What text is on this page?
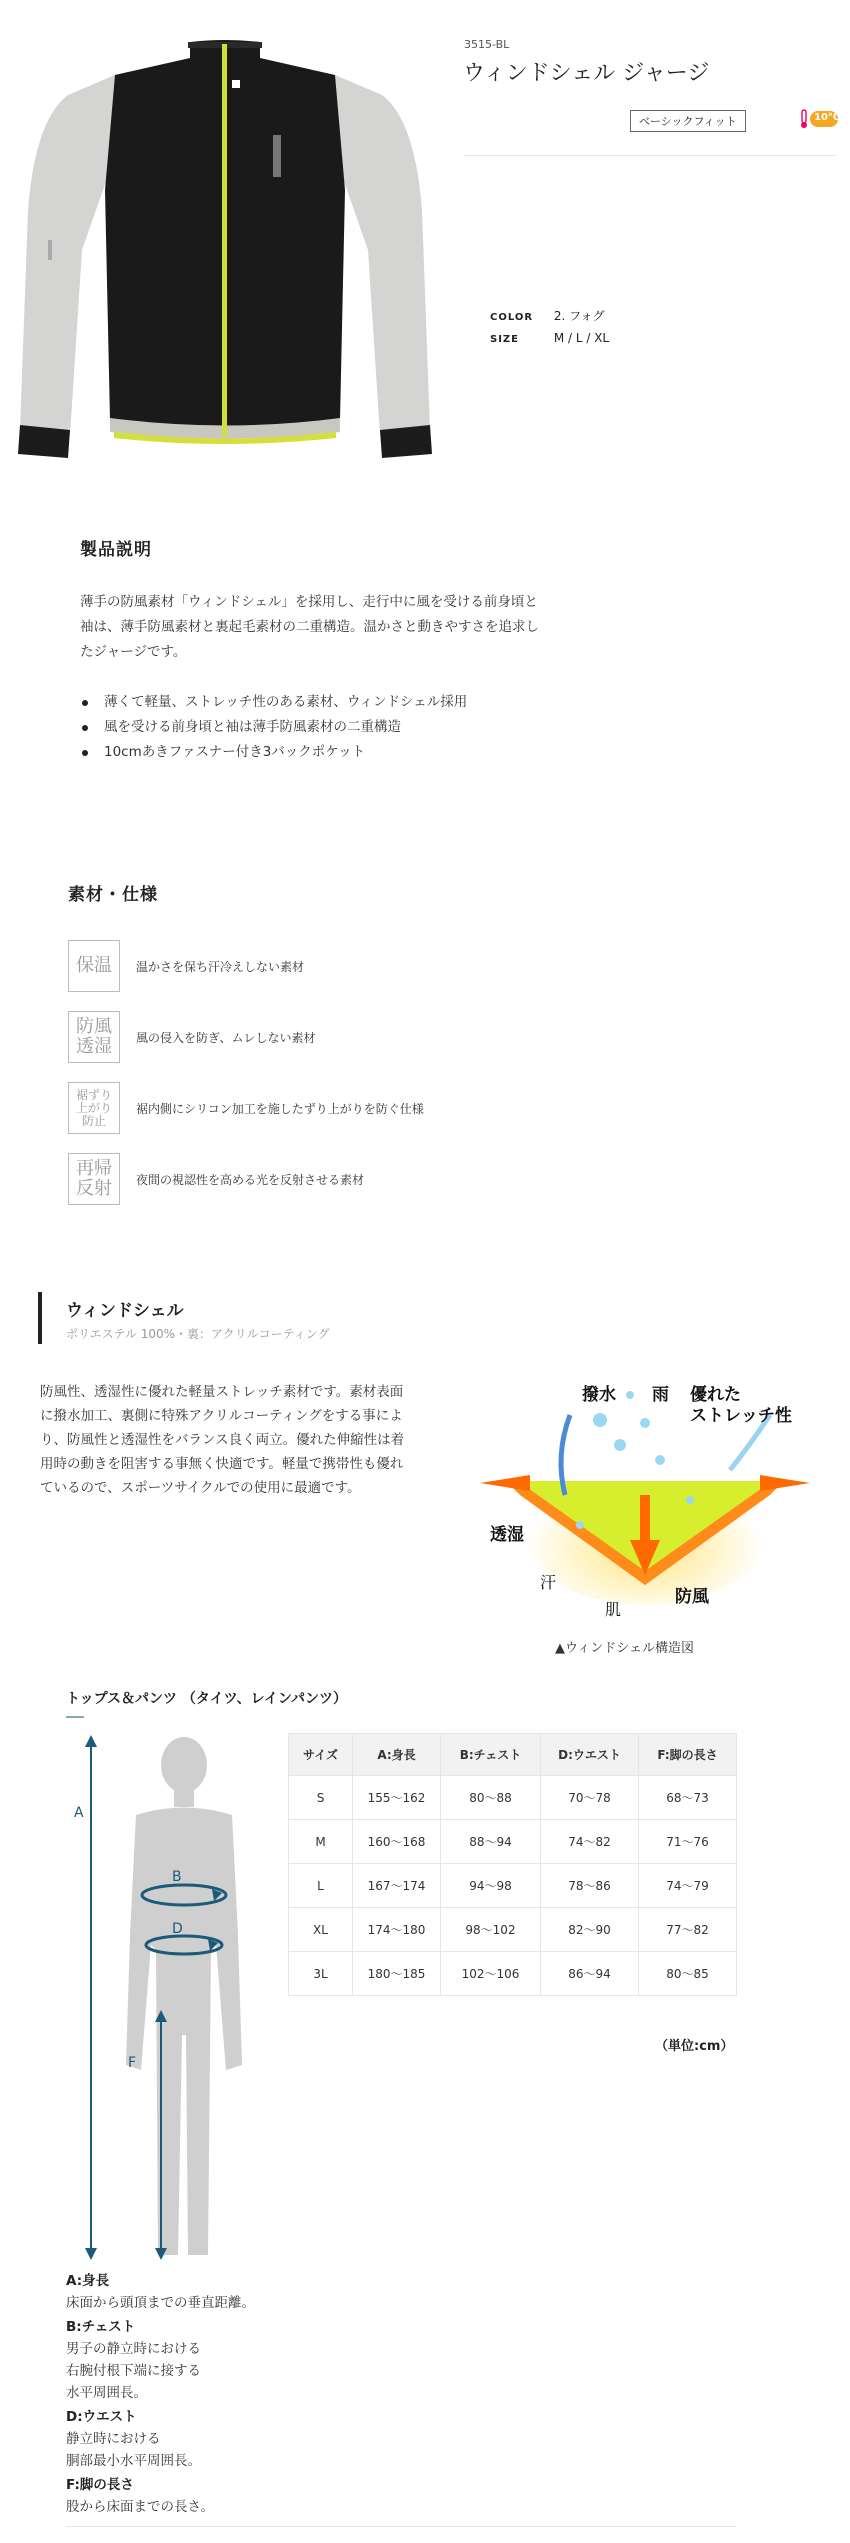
3515-BL
ウィンドシェル ジャージ
ベーシックフィット	10℃
COLOR 2. フォグ
SIZE	M / L / XL
製品説明
薄手の防風素材「ウィンドシェル」を採用し、走行中に風を受ける前身頃と
袖は、薄手防風素材と裏起毛素材の二重構造。温かさと動きやすさを追求し
たジャージです。
薄くて軽量、ストレッチ性のある素材、ウィンドシェル採用
風を受ける前身頃と袖は薄手防風素材の二重構造
10cmあきファスナー付き3バックポケット
素材・仕様
保温	温かさを保ち汗冷えしない素材
防風
透湿 風の侵入を防ぎ、ムレしない素材
裾ずり
上がり
防止
裾内側にシリコン加工を施したずり上がりを防ぐ仕様
再帰
反射 夜間の視認性を高める光を反射させる素材
ウィンドシェル
ポリエステル 100%・裏：アクリルコーティング
防風性、透湿性に優れた軽量ストレッチ素材です。素材表面
に撥水加工、裏側に特殊アクリルコーティングをする事によ
り、防風性と透湿性をバランス良く両立。優れた伸縮性は着
用時の動きを阻害する事無く快適です。軽量で携帯性も優れ
ているので、スポーツサイクルでの使用に最適です。
撥水 雨 優れた
ストレッチ性
冷風
透湿
汗
肌
防風
▲ウィンドシェル構造図
トップス＆パンツ （タイツ、レインパンツ）
A
B
D
F
サイズ	A:身長	B:チェスト	D:ウエスト	F:脚の長さ
S	155〜162	80〜88	70〜78	68〜73
M	160〜168	88〜94	74〜82	71〜76
L	167〜174	94〜98	78〜86	74〜79
XL	174〜180	98〜102	82〜90	77〜82
3L	180〜185	102〜106	86〜94	80〜85
（単位:cm）
A:身長
床面から頭頂までの垂直距離。
B:チェスト
男子の静立時における
右腕付根下端に接する
水平周囲長。
D:ウエスト
静立時における
胴部最小水平周囲長。
F:脚の長さ
股から床面までの長さ。
